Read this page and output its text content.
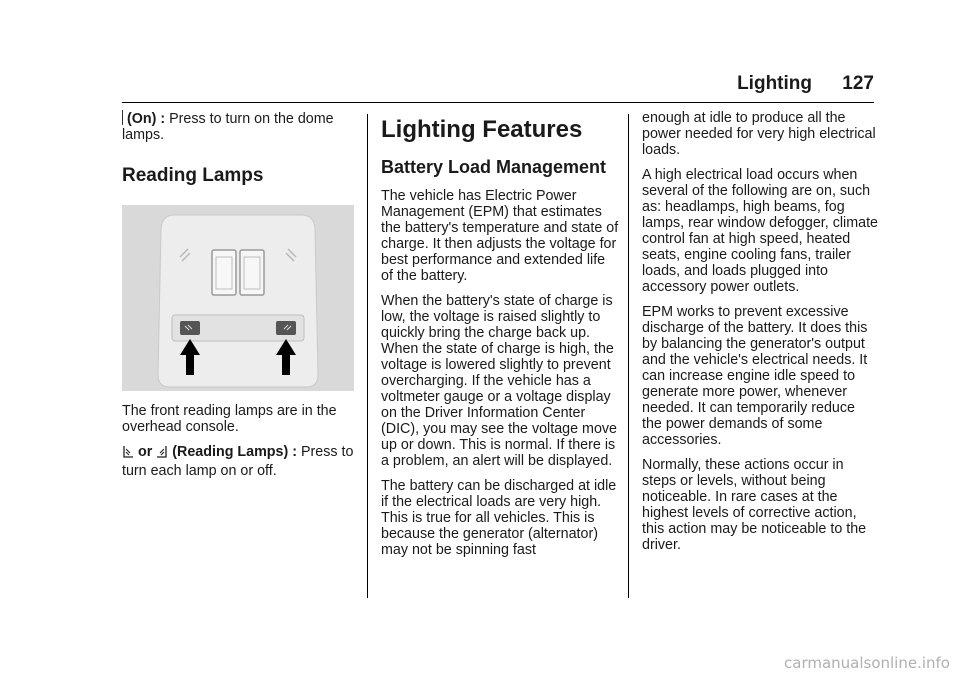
Lighting 127

(On) : Press to turn on the dome lamps.

Reading Lamps

The front reading lamps are in the overhead console.

or (Reading Lamps) : Press to turn each lamp on or off.

Lighting Features
Battery Load Management

The vehicle has Electric Power Management (EPM) that estimates the battery's temperature and state of charge. It then adjusts the voltage for best performance and extended life of the battery.

When the battery's state of charge is low, the voltage is raised slightly to quickly bring the charge back up. When the state of charge is high, the voltage is lowered slightly to prevent overcharging. If the vehicle has a voltmeter gauge or a voltage display on the Driver Information Center (DIC), you may see the voltage move up or down. This is normal. If there is a problem, an alert will be displayed.

The battery can be discharged at idle if the electrical loads are very high. This is true for all vehicles. This is because the generator (alternator) may not be spinning fast

enough at idle to produce all the power needed for very high electrical loads.

A high electrical load occurs when several of the following are on, such as: headlamps, high beams, fog lamps, rear window defogger, climate control fan at high speed, heated seats, engine cooling fans, trailer loads, and loads plugged into accessory power outlets.

EPM works to prevent excessive discharge of the battery. It does this by balancing the generator's output and the vehicle's electrical needs. It can increase engine idle speed to generate more power, whenever needed. It can temporarily reduce the power demands of some accessories.

Normally, these actions occur in steps or levels, without being noticeable. In rare cases at the highest levels of corrective action, this action may be noticeable to the driver.

carmanualsonline.info
